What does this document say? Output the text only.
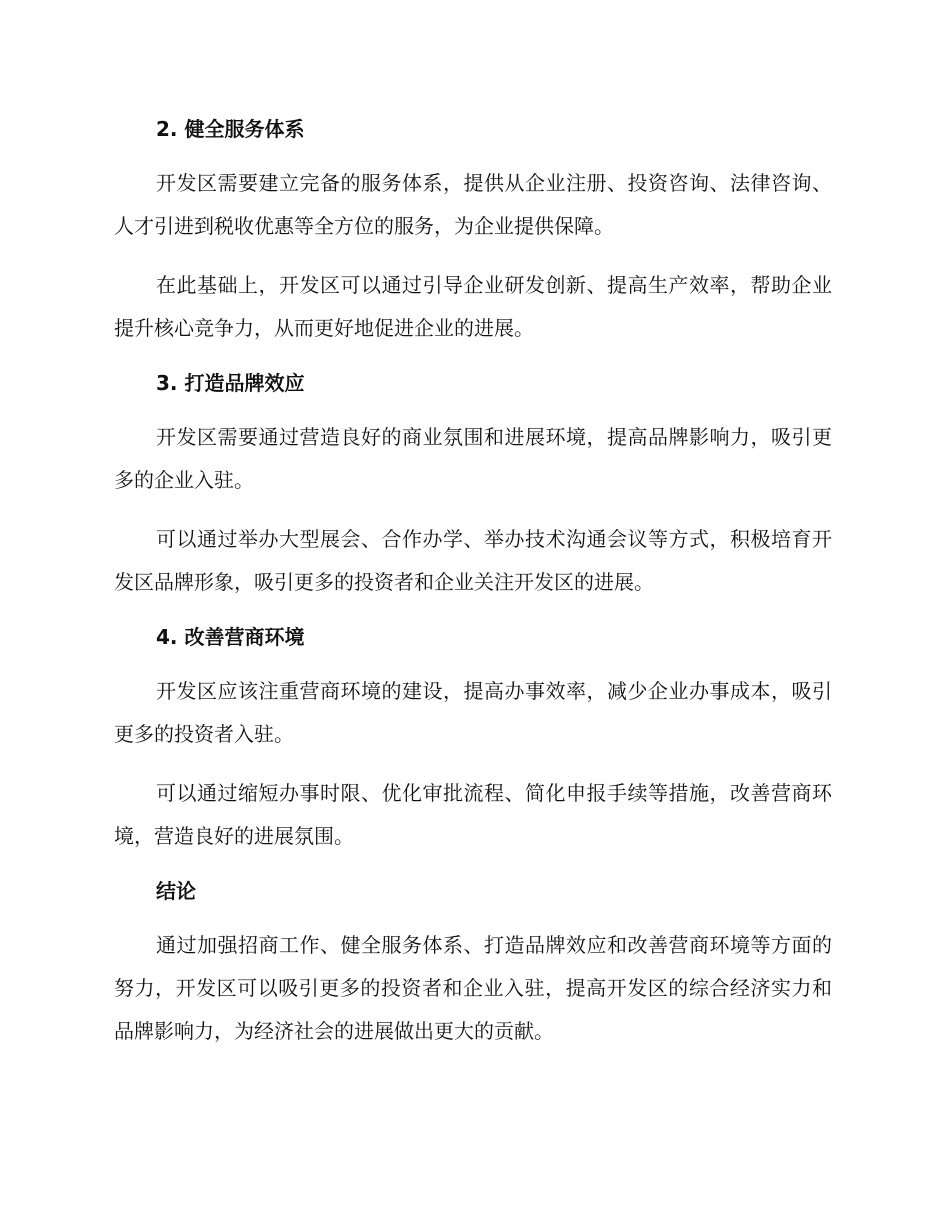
2. 健全服务体系

开发区需要建立完备的服务体系，提供从企业注册、投资咨询、法律咨询、人才引进到税收优惠等全方位的服务，为企业提供保障。

在此基础上，开发区可以通过引导企业研发创新、提高生产效率，帮助企业提升核心竞争力，从而更好地促进企业的进展。

3. 打造品牌效应

开发区需要通过营造良好的商业氛围和进展环境，提高品牌影响力，吸引更多的企业入驻。

可以通过举办大型展会、合作办学、举办技术沟通会议等方式，积极培育开发区品牌形象，吸引更多的投资者和企业关注开发区的进展。

4. 改善营商环境

开发区应该注重营商环境的建设，提高办事效率，减少企业办事成本，吸引更多的投资者入驻。

可以通过缩短办事时限、优化审批流程、简化申报手续等措施，改善营商环境，营造良好的进展氛围。

结论

通过加强招商工作、健全服务体系、打造品牌效应和改善营商环境等方面的努力，开发区可以吸引更多的投资者和企业入驻，提高开发区的综合经济实力和品牌影响力，为经济社会的进展做出更大的贡献。
